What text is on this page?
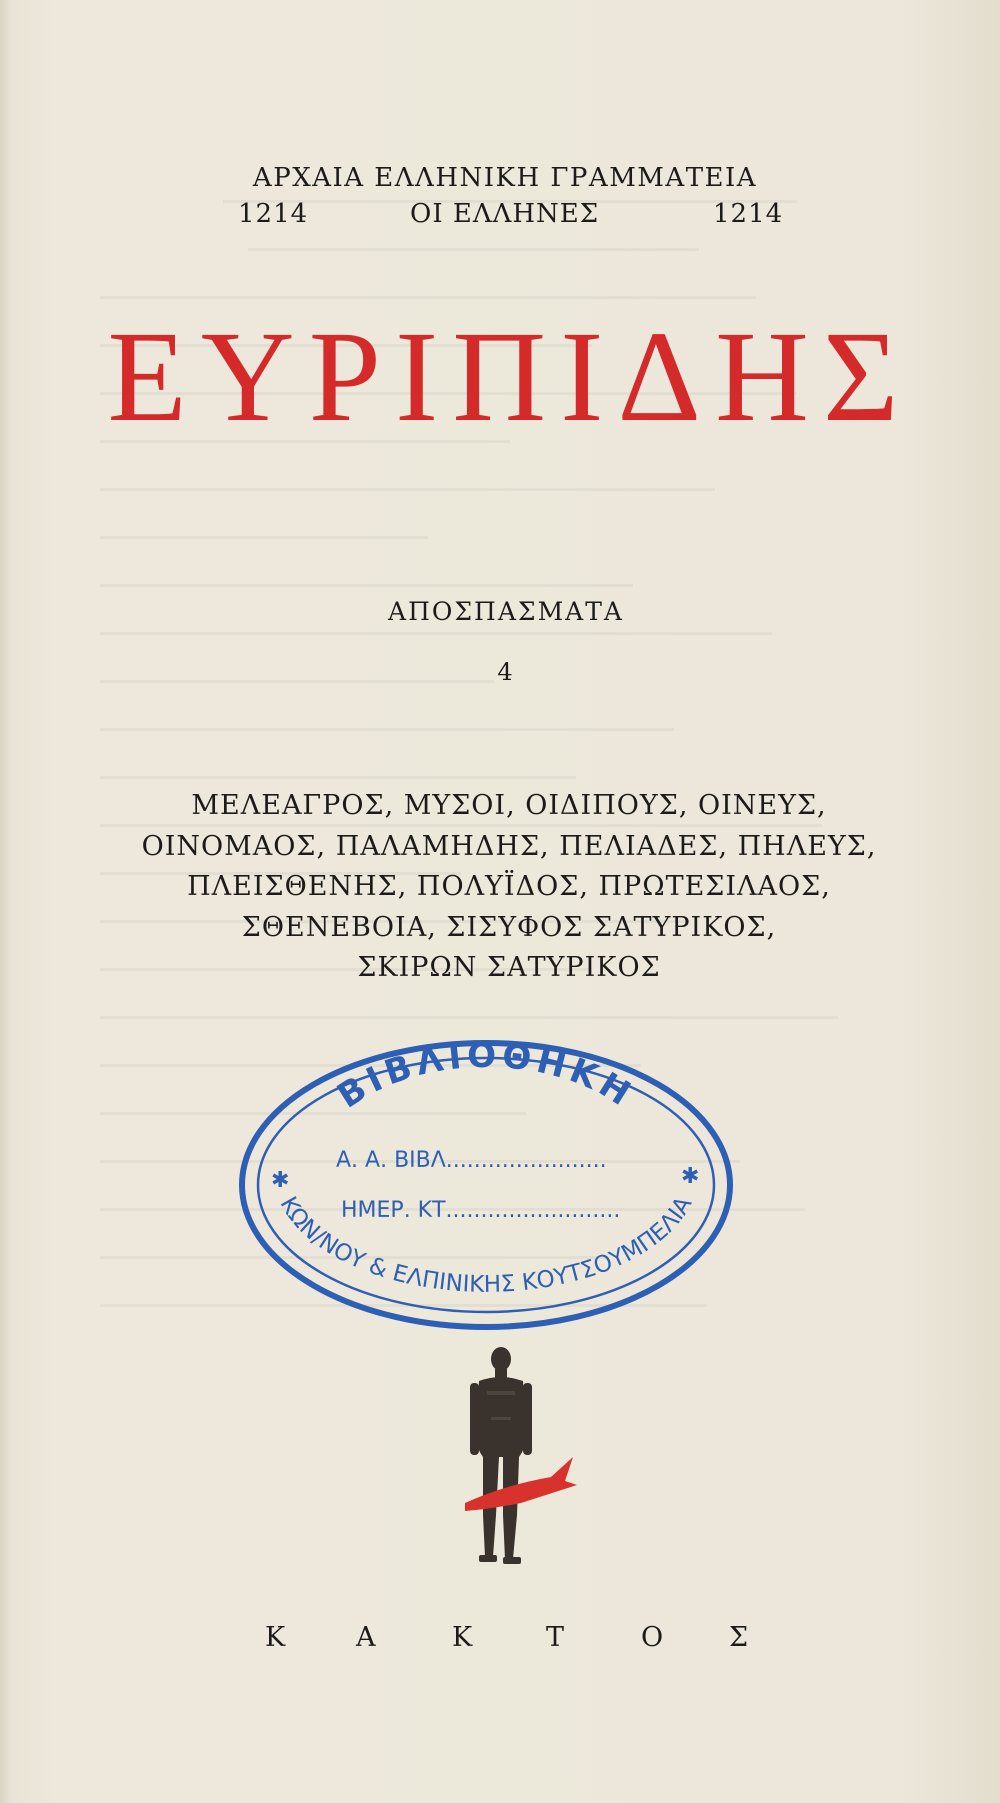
ΑΡΧΑΙΑ ΕΛΛΗΝΙΚΗ ΓΡΑΜΜΑΤΕΙΑ
1214	ΟΙ ΕΛΛΗΝΕΣ	1214
ΕΥΡΙΠΙΔΗΣ
ΑΠΟΣΠΑΣΜΑΤΑ
4
ΜΕΛΕΑΓΡΟΣ, ΜΥΣΟΙ, ΟΙΔΙΠΟΥΣ, ΟΙΝΕΥΣ,
ΟΙΝΟΜΑΟΣ, ΠΑΛΑΜΗΔΗΣ, ΠΕΛΙΑΔΕΣ, ΠΗΛΕΥΣ,
ΠΛΕΙΣΘΕΝΗΣ, ΠΟΛΥΪΔΟΣ, ΠΡΩΤΕΣΙΛΑΟΣ,
ΣΘΕΝΕΒΟΙΑ, ΣΙΣΥΦΟΣ ΣΑΤΥΡΙΚΟΣ,
ΣΚΙΡΩΝ ΣΑΤΥΡΙΚΟΣ
ΒΙΒΛΙΟΘΗΚΗ
ΚΩΝ/ΝΟΥ & ΕΛΠΙΝΙΚΗΣ ΚΟΥΤΣΟΥΜΠΕΛΙΑ
Α. Α. ΒΙΒΛ.......................
ΗΜΕΡ. ΚΤ.........................
✱	✱
Κ	Α	Κ	Τ	Ο Σ
